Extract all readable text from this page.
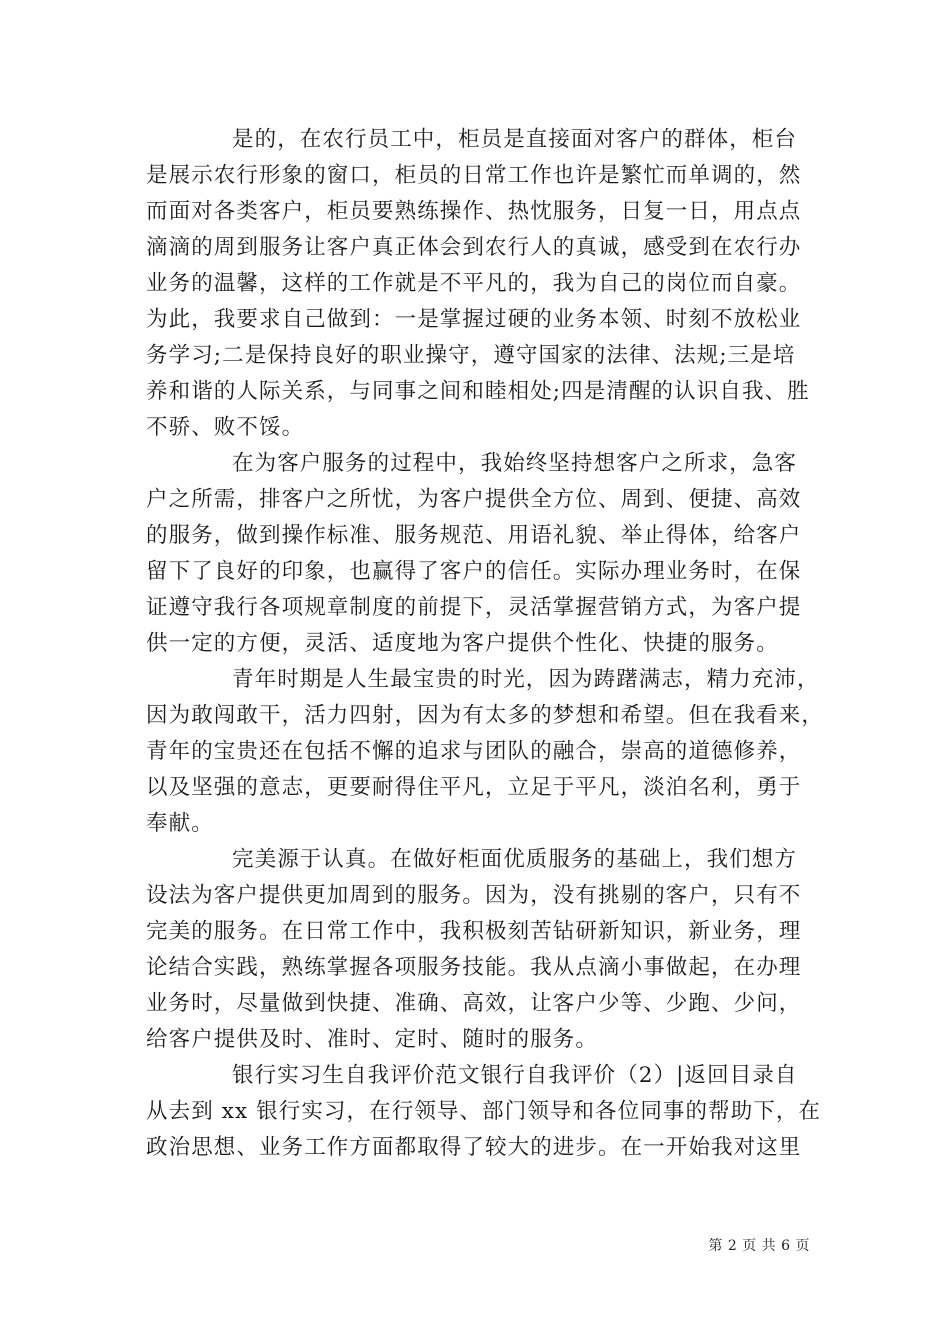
是的，在农行员工中，柜员是直接面对客户的群体，柜台
是展示农行形象的窗口，柜员的日常工作也许是繁忙而单调的，然
而面对各类客户，柜员要熟练操作、热忱服务，日复一日，用点点
滴滴的周到服务让客户真正体会到农行人的真诚，感受到在农行办
业务的温馨，这样的工作就是不平凡的，我为自己的岗位而自豪。
为此，我要求自己做到：一是掌握过硬的业务本领、时刻不放松业
务学习;二是保持良好的职业操守，遵守国家的法律、法规;三是培
养和谐的人际关系，与同事之间和睦相处;四是清醒的认识自我、胜
不骄、败不馁。

在为客户服务的过程中，我始终坚持想客户之所求，急客
户之所需，排客户之所忧，为客户提供全方位、周到、便捷、高效
的服务，做到操作标准、服务规范、用语礼貌、举止得体，给客户
留下了良好的印象，也赢得了客户的信任。实际办理业务时，在保
证遵守我行各项规章制度的前提下，灵活掌握营销方式，为客户提
供一定的方便，灵活、适度地为客户提供个性化、快捷的服务。

青年时期是人生最宝贵的时光，因为踌躇满志，精力充沛，
因为敢闯敢干，活力四射，因为有太多的梦想和希望。但在我看来，
青年的宝贵还在包括不懈的追求与团队的融合，崇高的道德修养，
以及坚强的意志，更要耐得住平凡，立足于平凡，淡泊名利，勇于
奉献。

完美源于认真。在做好柜面优质服务的基础上，我们想方
设法为客户提供更加周到的服务。因为，没有挑剔的客户，只有不
完美的服务。在日常工作中，我积极刻苦钻研新知识，新业务，理
论结合实践，熟练掌握各项服务技能。我从点滴小事做起，在办理
业务时，尽量做到快捷、准确、高效，让客户少等、少跑、少问，
给客户提供及时、准时、定时、随时的服务。

银行实习生自我评价范文银行自我评价（2）|返回目录自
从去到 xx 银行实习，在行领导、部门领导和各位同事的帮助下，在
政治思想、业务工作方面都取得了较大的进步。在一开始我对这里

第 2 页 共 6 页
